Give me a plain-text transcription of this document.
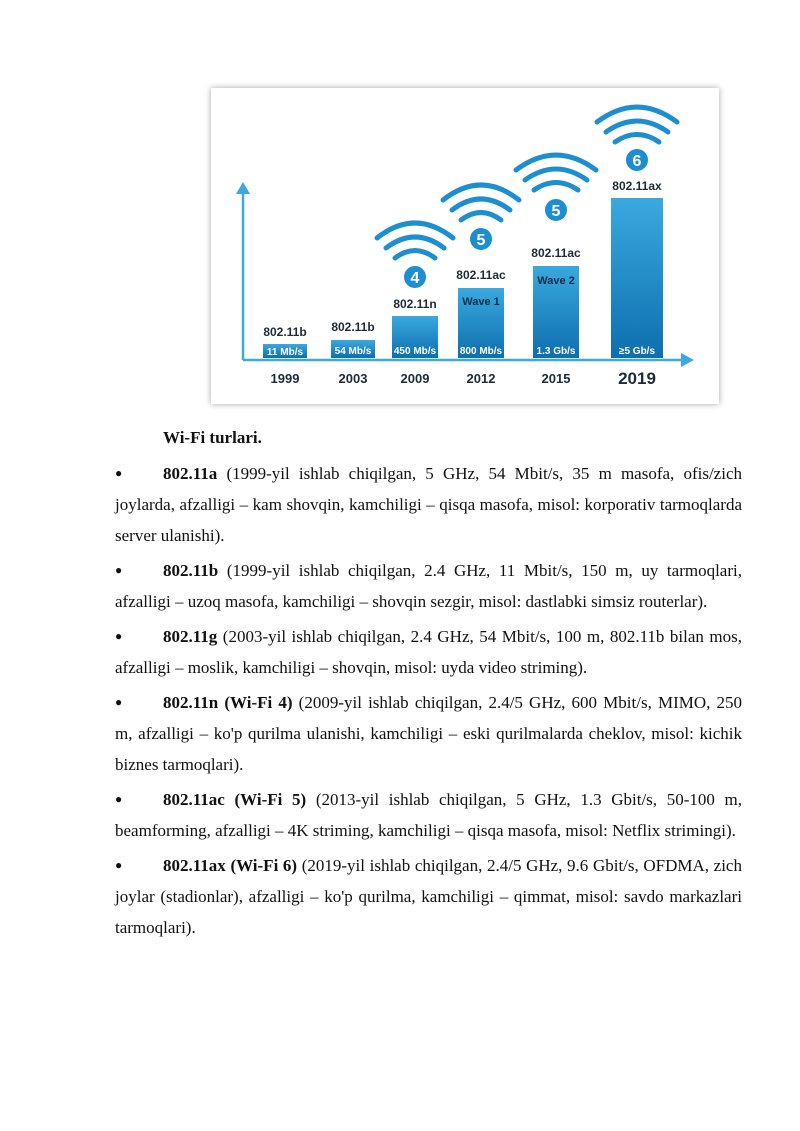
802.11b
11 Mb/s
1999
802.11b
54 Mb/s
2003
802.11n
450 Mb/s
2009
4	802.11ac
Wave 1
800 Mb/s
2012
5
802.11ac
Wave 2
1.3 Gb/s
2015
5
802.11ax
≥5 Gb/s
2019
6

Wi-Fi turlari.

● 802.11a (1999-yil ishlab chiqilgan, 5 GHz, 54 Mbit/s, 35 m masofa, ofis/zich joylarda, afzalligi – kam shovqin, kamchiligi – qisqa masofa, misol: korporativ tarmoqlarda server ulanishi).

● 802.11b (1999-yil ishlab chiqilgan, 2.4 GHz, 11 Mbit/s, 150 m, uy tarmoqlari, afzalligi – uzoq masofa, kamchiligi – shovqin sezgir, misol: dastlabki simsiz routerlar).

● 802.11g (2003-yil ishlab chiqilgan, 2.4 GHz, 54 Mbit/s, 100 m, 802.11b bilan mos, afzalligi – moslik, kamchiligi – shovqin, misol: uyda video striming).

● 802.11n (Wi-Fi 4) (2009-yil ishlab chiqilgan, 2.4/5 GHz, 600 Mbit/s, MIMO, 250 m, afzalligi – ko'p qurilma ulanishi, kamchiligi – eski qurilmalarda cheklov, misol: kichik biznes tarmoqlari).

● 802.11ac (Wi-Fi 5) (2013-yil ishlab chiqilgan, 5 GHz, 1.3 Gbit/s, 50-100 m, beamforming, afzalligi – 4K striming, kamchiligi – qisqa masofa, misol: Netflix strimingi).

● 802.11ax (Wi-Fi 6) (2019-yil ishlab chiqilgan, 2.4/5 GHz, 9.6 Gbit/s, OFDMA, zich joylar (stadionlar), afzalligi – ko'p qurilma, kamchiligi – qimmat, misol: savdo markazlari tarmoqlari).
